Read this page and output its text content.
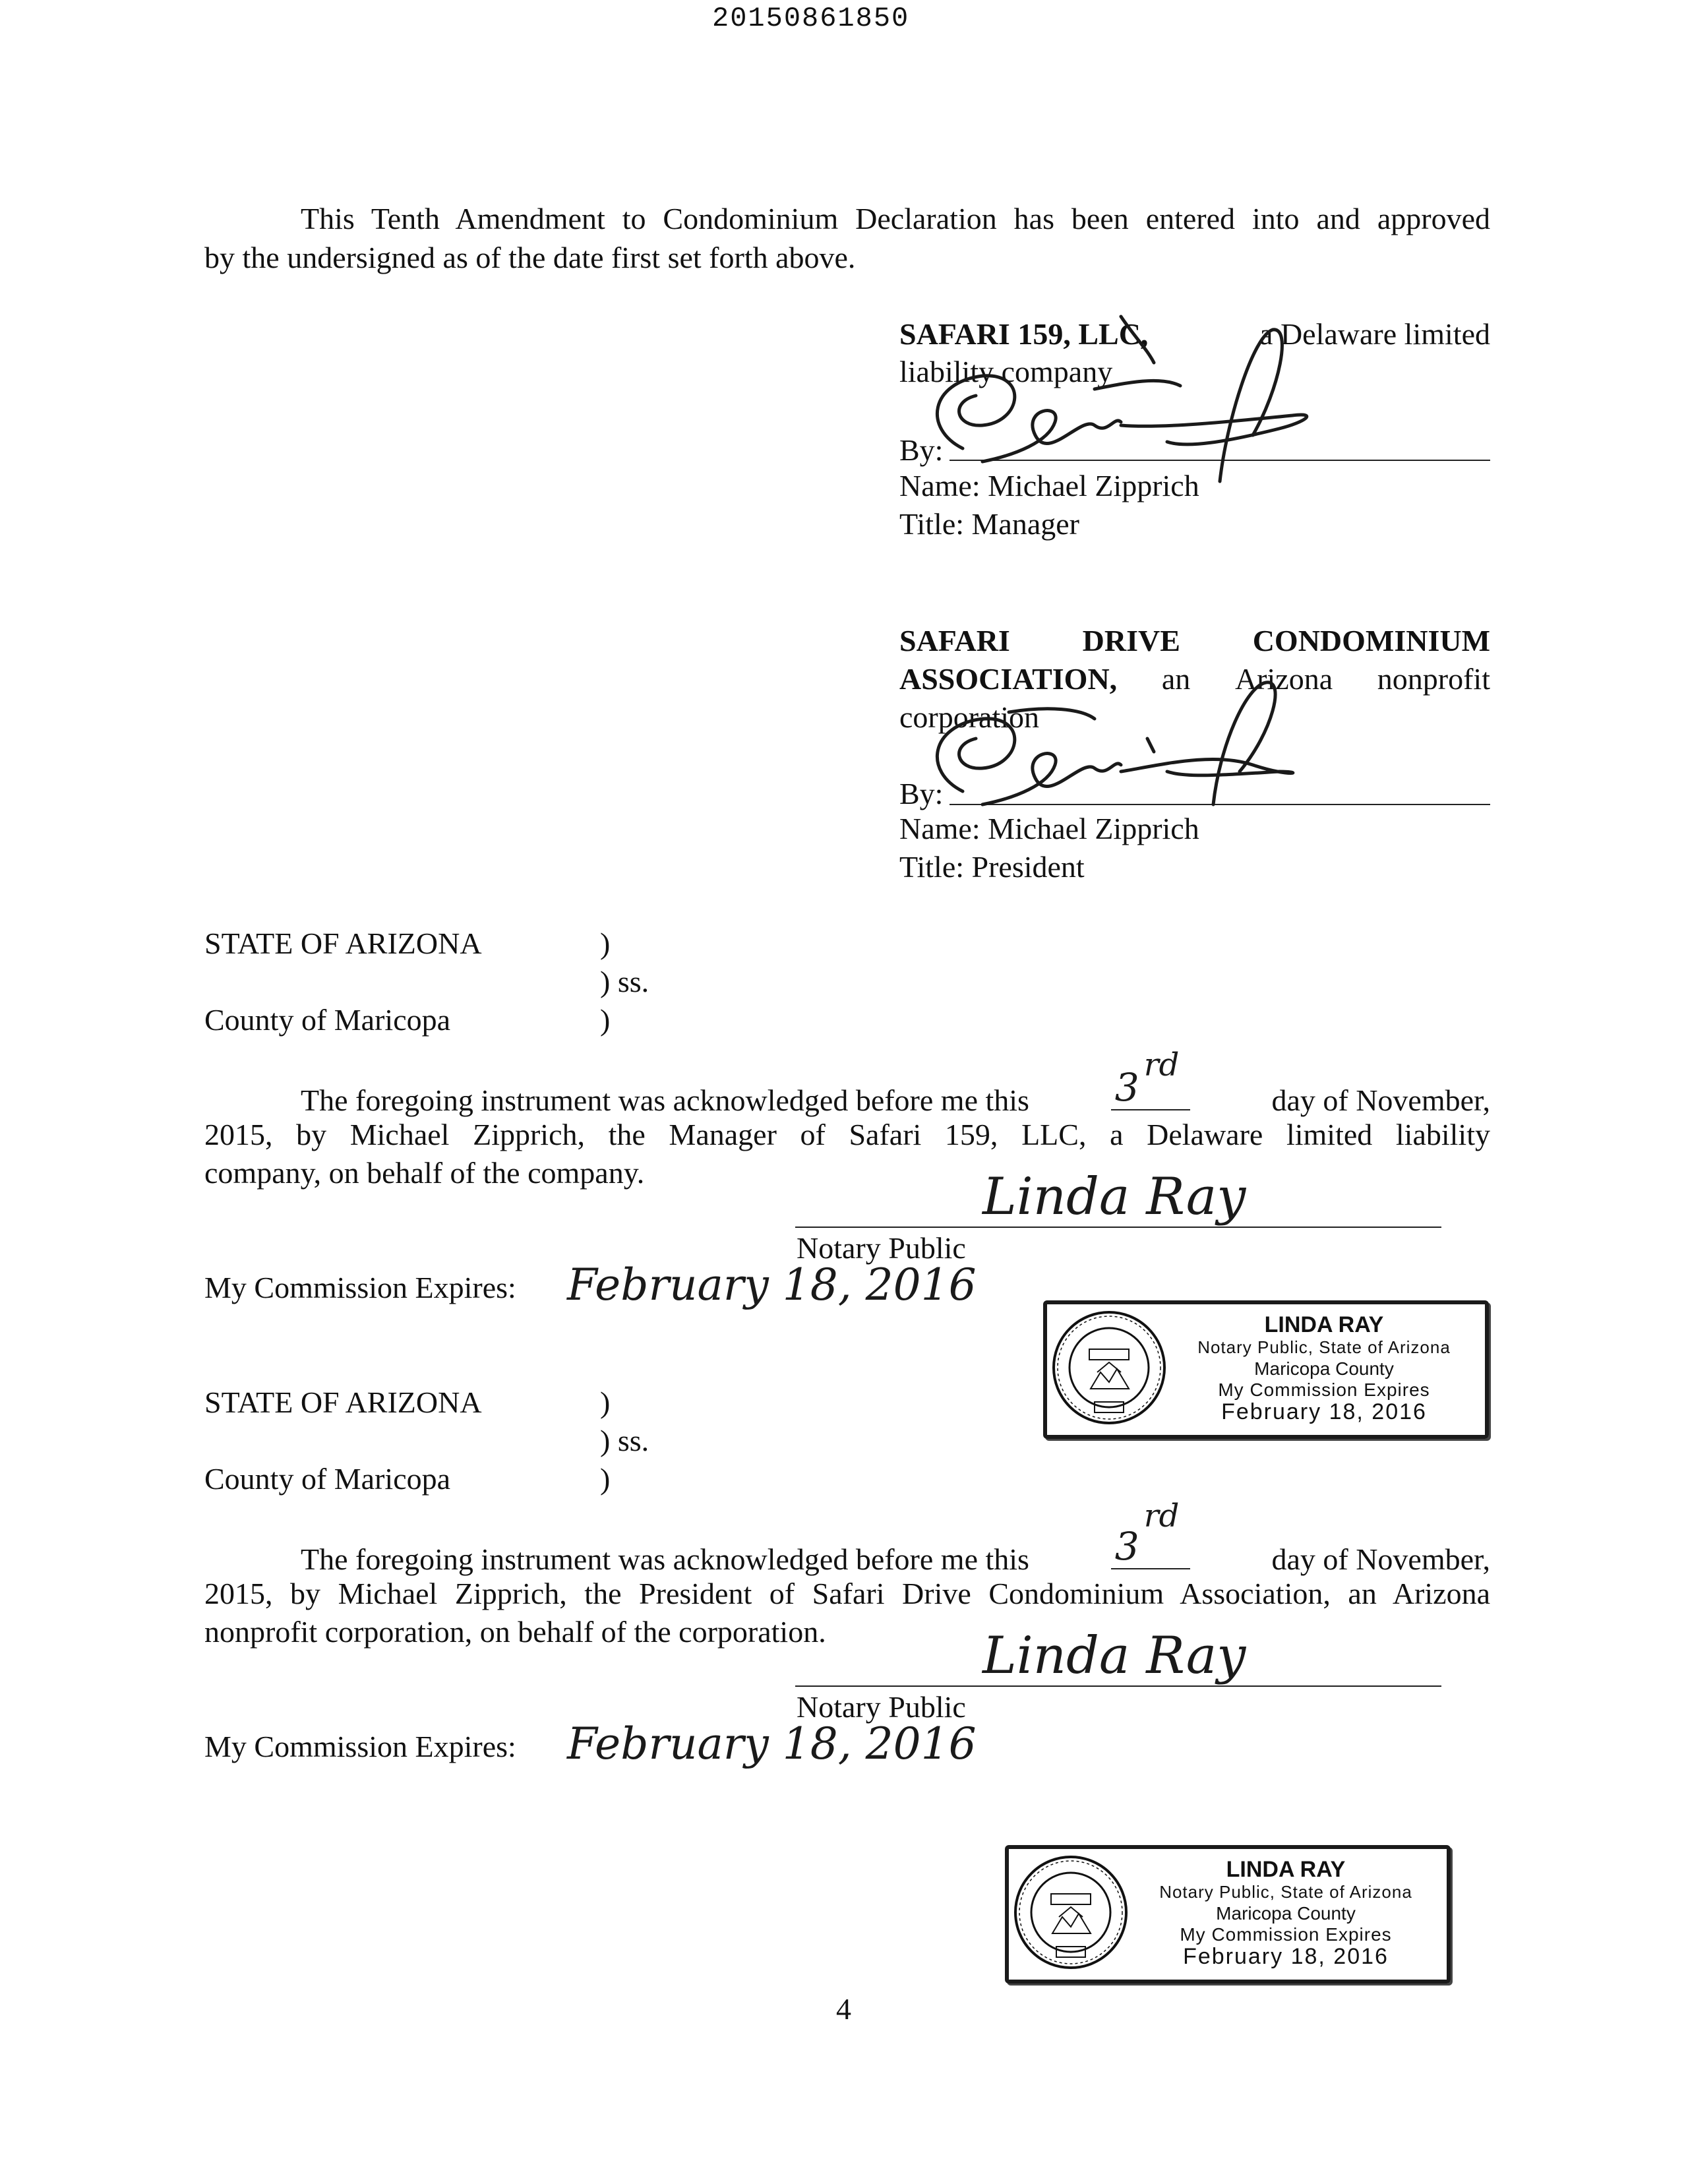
20150861850
This Tenth Amendment to Condominium Declaration has been entered into and approved
by the undersigned as of the date first set forth above.
SAFARI 159, LLC,	a Delaware limited
liability company
By:
Name: Michael Zipprich
Title: Manager
SAFARI DRIVE CONDOMINIUM
ASSOCIATION, an Arizona nonprofit
corporation
By:
Name: Michael Zipprich
Title: President
STATE OF ARIZONA	)
) ss.
County of Maricopa	)
The foregoing instrument was acknowledged before me this 3 rd
day of November,
2015, by Michael Zipprich, the Manager of Safari 159, LLC, a Delaware limited liability
company, on behalf of the company.	Linda Ray
Notary Public
My Commission Expires: February 18, 2016
LINDA RAY
Notary Public, State of Arizona
Maricopa County
My Commission Expires
February 18, 2016
STATE OF ARIZONA	)
) ss.
County of Maricopa	)
The foregoing instrument was acknowledged before me this 3
rd
day of November,
2015, by Michael Zipprich, the President of Safari Drive Condominium Association, an Arizona
nonprofit corporation, on behalf of the corporation.	Linda Ray
Notary Public
My Commission Expires: February 18, 2016
LINDA RAY
Notary Public, State of Arizona
Maricopa County
My Commission Expires
February 18, 2016
4
